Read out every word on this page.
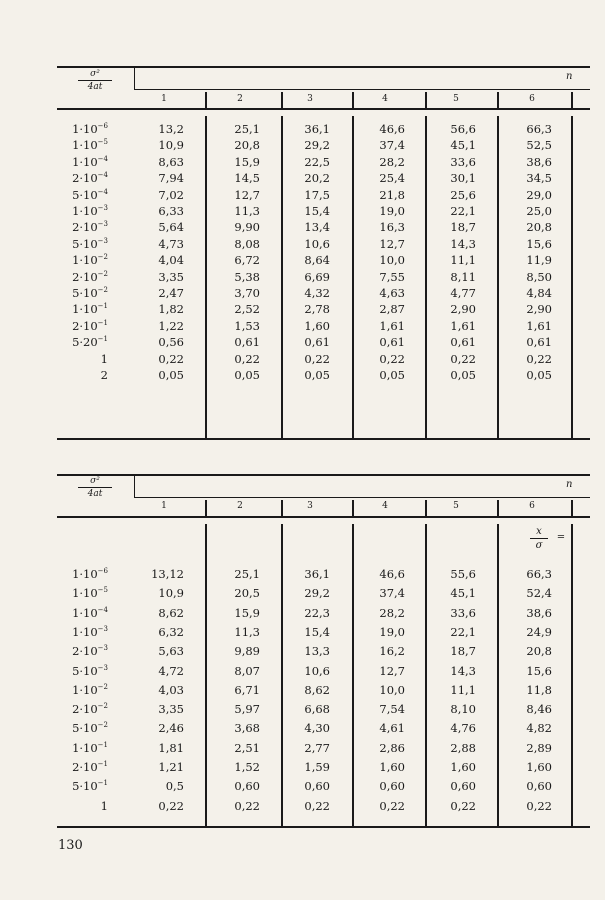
σ²
4at
n
1	2	3	4	5	6
$1\cdot 10^{-6}$	13,2	25,1	36,1	46,6	56,6	66,3
$1\cdot 10^{-5}$	10,9	20,8	29,2	37,4	45,1	52,5
$1\cdot 10^{-4}$	8,63	15,9	22,5	28,2	33,6	38,6
$2\cdot 10^{-4}$	7,94	14,5	20,2	25,4	30,1	34,5
$5\cdot 10^{-4}$	7,02	12,7	17,5	21,8	25,6	29,0
$1\cdot 10^{-3}$	6,33	11,3	15,4	19,0	22,1	25,0
$2\cdot 10^{-3}$	5,64	9,90	13,4	16,3	18,7	20,8
$5\cdot 10^{-3}$	4,73	8,08	10,6	12,7	14,3	15,6
$1\cdot 10^{-2}$	4,04	6,72	8,64	10,0	11,1	11,9
$2\cdot 10^{-2}$	3,35	5,38	6,69	7,55	8,11	8,50
$5\cdot 10^{-2}$	2,47	3,70	4,32	4,63	4,77	4,84
$1\cdot 10^{-1}$	1,82	2,52	2,78	2,87	2,90	2,90
$2\cdot 10^{-1}$	1,22	1,53	1,60	1,61	1,61	1,61
$5\cdot 20^{-1}$	0,56	0,61	0,61	0,61	0,61	0,61
1	0,22	0,22	0,22	0,22	0,22	0,22
2	0,05	0,05	0,05	0,05	0,05	0,05
σ²
4at
n
1	2	3	4	5	6
x
σ
=
$1\cdot 10^{-6}$	13,12	25,1	36,1	46,6	55,6	66,3
$1\cdot 10^{-5}$	10,9	20,5	29,2	37,4	45,1	52,4
$1\cdot 10^{-4}$	8,62	15,9	22,3	28,2	33,6	38,6
$1\cdot 10^{-3}$	6,32	11,3	15,4	19,0	22,1	24,9
$2\cdot 10^{-3}$	5,63	9,89	13,3	16,2	18,7	20,8
$5\cdot 10^{-3}$	4,72	8,07	10,6	12,7	14,3	15,6
$1\cdot 10^{-2}$	4,03	6,71	8,62	10,0	11,1	11,8
$2\cdot 10^{-2}$	3,35	5,97	6,68	7,54	8,10	8,46
$5\cdot 10^{-2}$	2,46	3,68	4,30	4,61	4,76	4,82
$1\cdot 10^{-1}$	1,81	2,51	2,77	2,86	2,88	2,89
$2\cdot 10^{-1}$	1,21	1,52	1,59	1,60	1,60	1,60
$5\cdot 10^{-1}$	0,5	0,60	0,60	0,60	0,60	0,60
1	0,22	0,22	0,22	0,22	0,22	0,22
130
